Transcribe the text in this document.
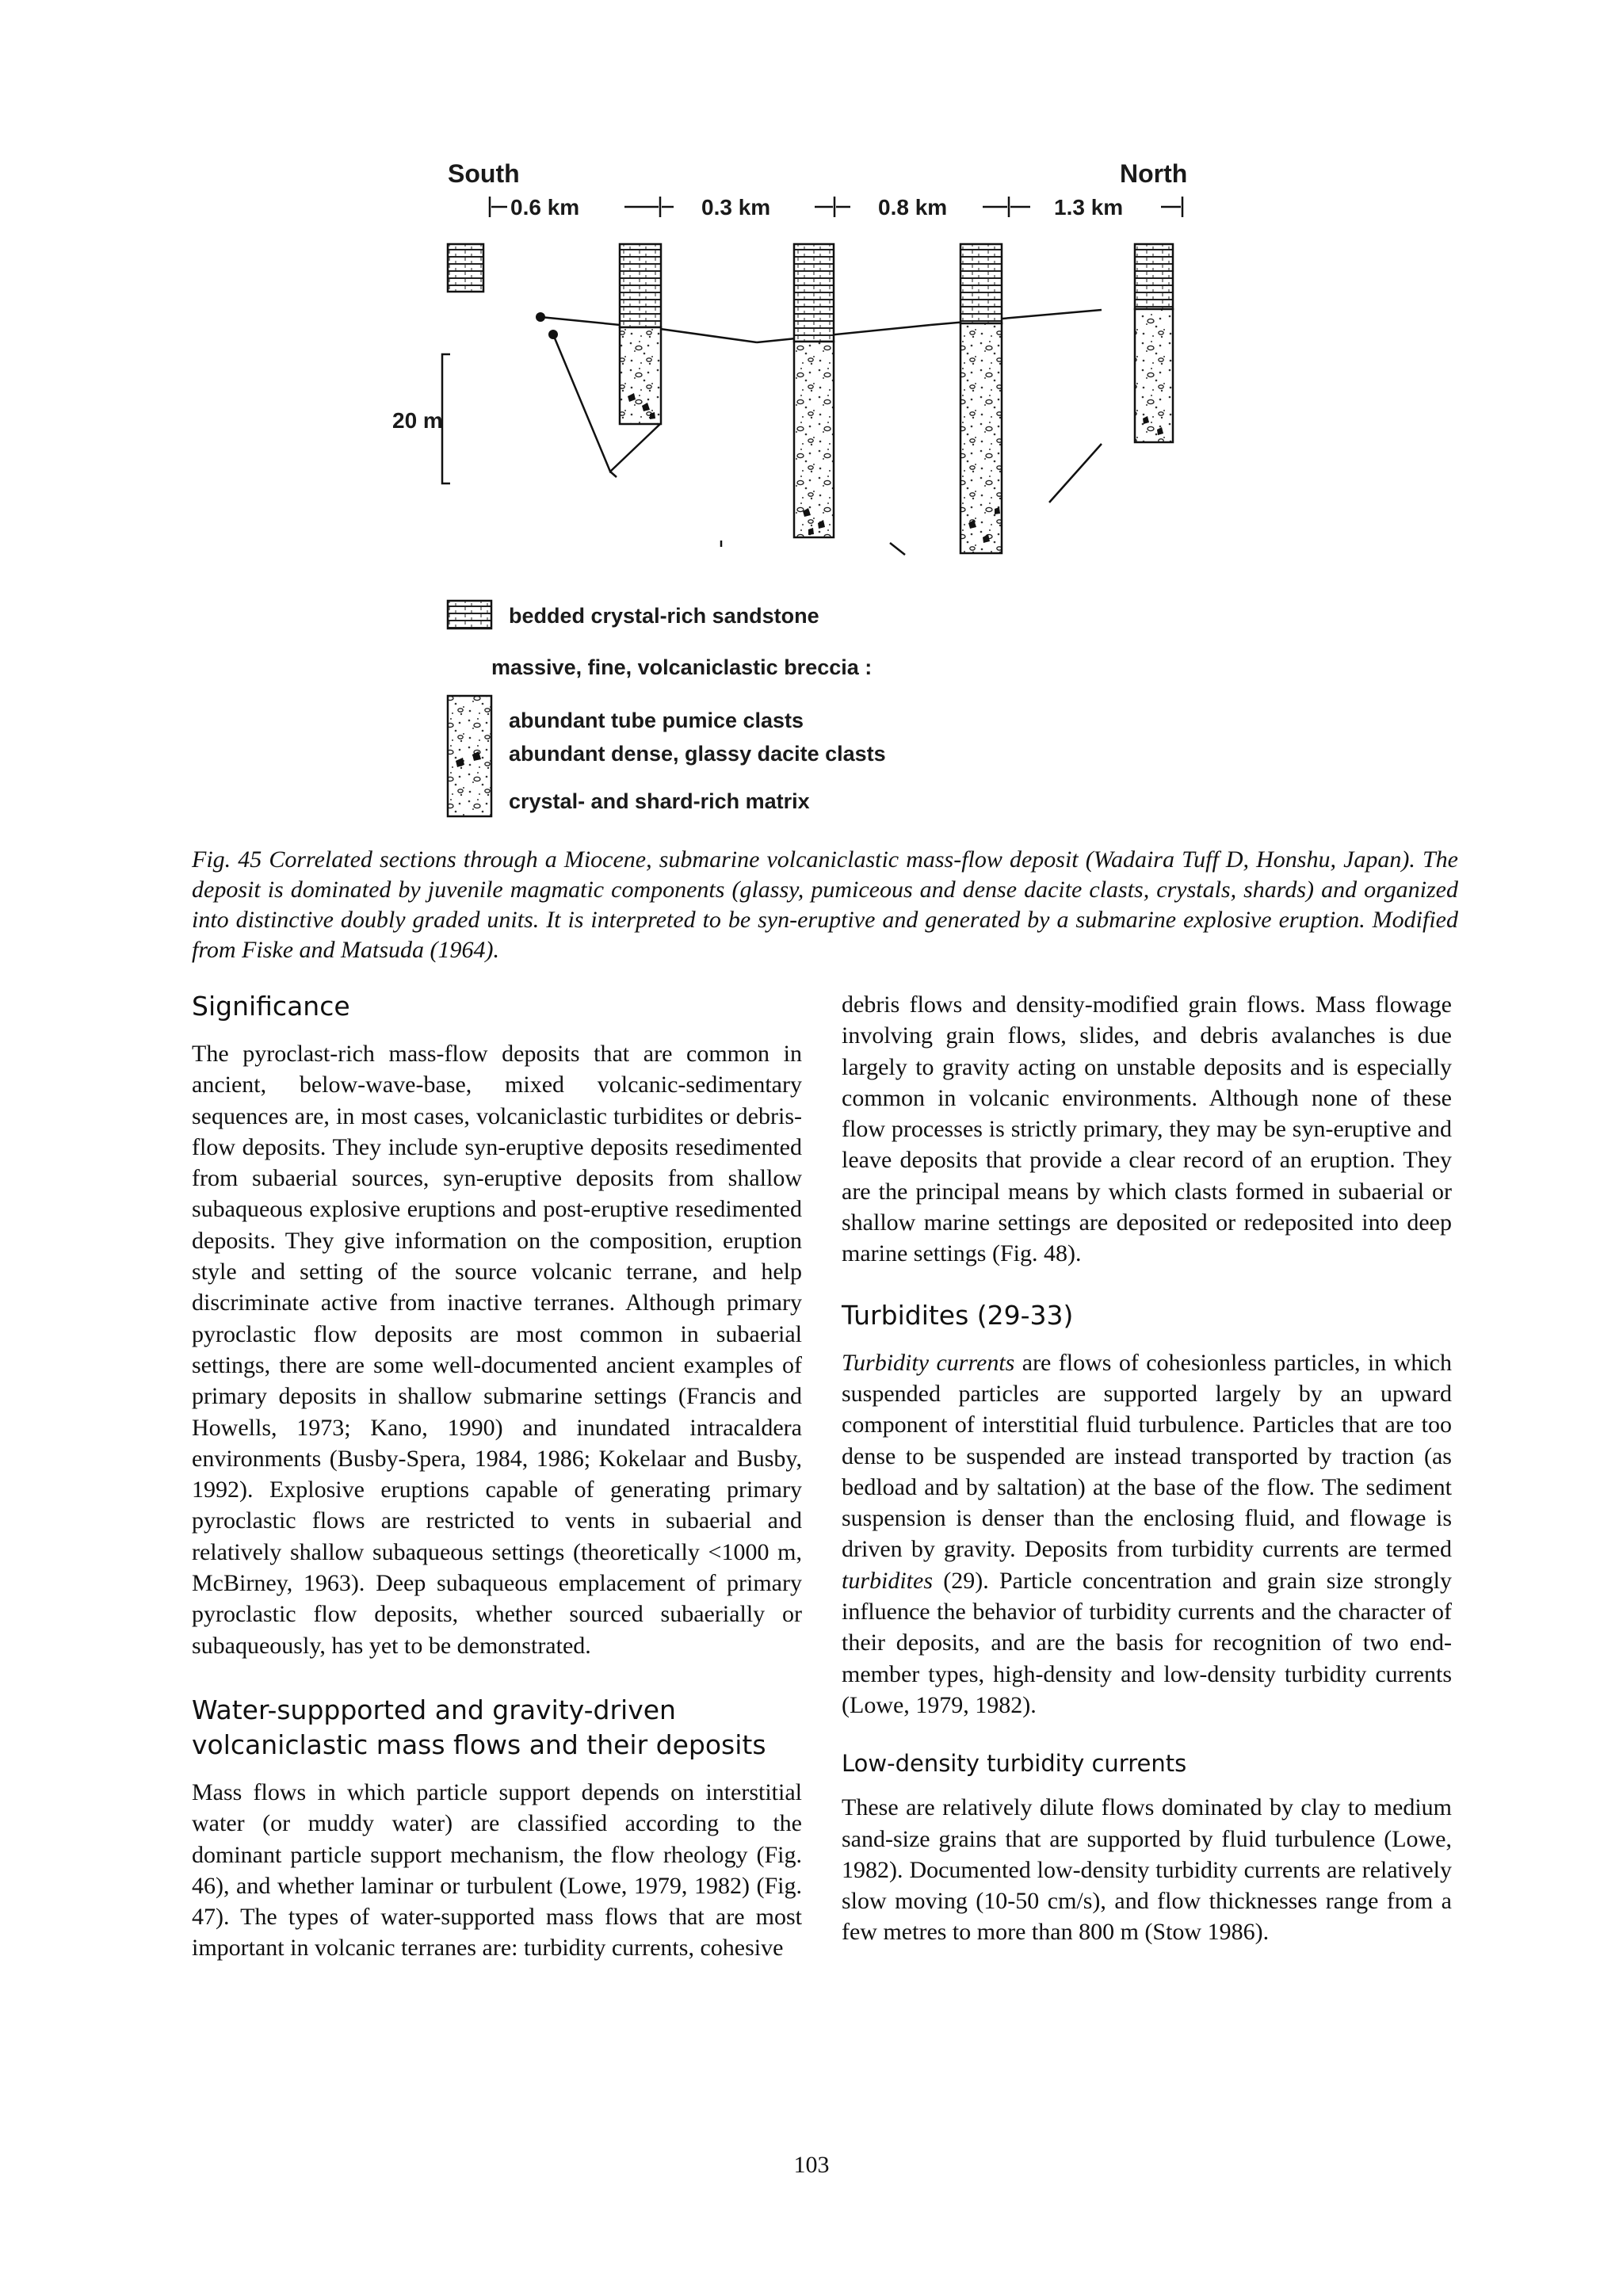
South	North
0.6 km	0.3 km	0.8 km	1.3 km
20 m
bedded crystal-rich sandstone
massive, fine, volcaniclastic breccia :
abundant tube pumice clasts
abundant dense, glassy dacite clasts
crystal- and shard-rich matrix
Fig. 45 Correlated sections through a Miocene, submarine volcaniclastic mass-flow deposit (Wadaira Tuff D, Honshu, Japan). The deposit is dominated by juvenile magmatic components (glassy, pumiceous and dense dacite clasts, crystals, shards) and organized into distinctive doubly graded units. It is interpreted to be syn-eruptive and generated by a submarine explosive eruption. Modified from Fiske and Matsuda (1964).
Significance

The pyroclast-rich mass-flow deposits that are common in ancient, below-wave-base, mixed volcanic-sedimentary sequences are, in most cases, volcaniclastic turbidites or debris-flow deposits. They include syn-eruptive deposits resedimented from subaerial sources, syn-eruptive deposits from shallow subaqueous explosive eruptions and post-eruptive resedimented deposits. They give information on the composition, eruption style and setting of the source volcanic terrane, and help discriminate active from inactive terranes. Although primary pyroclastic flow deposits are most common in subaerial settings, there are some well-documented ancient examples of primary deposits in shallow submarine settings (Francis and Howells, 1973; Kano, 1990) and inundated intracaldera environments (Busby-Spera, 1984, 1986; Kokelaar and Busby, 1992). Explosive eruptions capable of generating primary pyroclastic flows are restricted to vents in subaerial and relatively shallow subaqueous settings (theoretically <1000 m, McBirney, 1963). Deep subaqueous emplacement of primary pyroclastic flow deposits, whether sourced subaerially or subaqueously, has yet to be demonstrated.

Water-suppported and gravity-driven volcaniclastic mass flows and their deposits

Mass flows in which particle support depends on interstitial water (or muddy water) are classified according to the dominant particle support mechanism, the flow rheology (Fig. 46), and whether laminar or turbulent (Lowe, 1979, 1982) (Fig. 47). The types of water-supported mass flows that are most important in volcanic terranes are: turbidity currents, cohesive

debris flows and density-modified grain flows. Mass flowage involving grain flows, slides, and debris avalanches is due largely to gravity acting on unstable deposits and is especially common in volcanic environments. Although none of these flow processes is strictly primary, they may be syn-eruptive and leave deposits that provide a clear record of an eruption. They are the principal means by which clasts formed in subaerial or shallow marine settings are deposited or redeposited into deep marine settings (Fig. 48).

Turbidites (29-33)

Turbidity currents are flows of cohesionless particles, in which suspended particles are supported largely by an upward component of interstitial fluid turbulence. Particles that are too dense to be suspended are instead transported by traction (as bedload and by saltation) at the base of the flow. The sediment suspension is denser than the enclosing fluid, and flowage is driven by gravity. Deposits from turbidity currents are termed turbidites (29). Particle concentration and grain size strongly influence the behavior of turbidity currents and the character of their deposits, and are the basis for recognition of two end-member types, high-density and low-density turbidity currents (Lowe, 1979, 1982).

Low-density turbidity currents

These are relatively dilute flows dominated by clay to medium sand-size grains that are supported by fluid turbulence (Lowe, 1982). Documented low-density turbidity currents are relatively slow moving (10-50 cm/s), and flow thicknesses range from a few metres to more than 800 m (Stow 1986).

103
